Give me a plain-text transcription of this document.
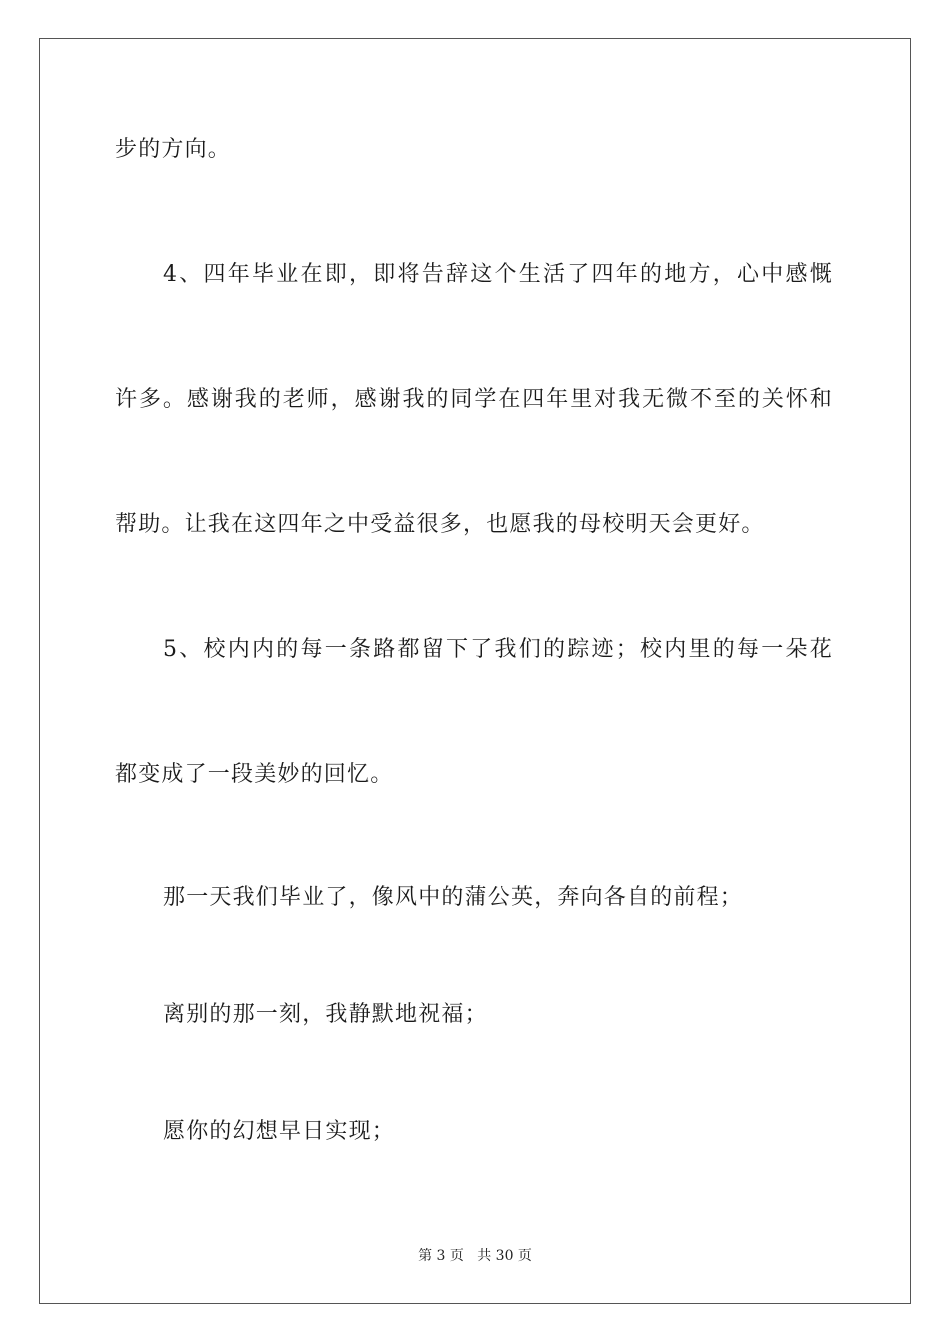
步的方向。
4、四年毕业在即，即将告辞这个生活了四年的地方，心中感慨
许多。感谢我的老师，感谢我的同学在四年里对我无微不至的关怀和
帮助。让我在这四年之中受益很多，也愿我的母校明天会更好。
5、校内内的每一条路都留下了我们的踪迹；校内里的每一朵花
都变成了一段美妙的回忆。
那一天我们毕业了，像风中的蒲公英，奔向各自的前程；
离别的那一刻，我静默地祝福；
愿你的幻想早日实现；
第 3 页   共 30 页
